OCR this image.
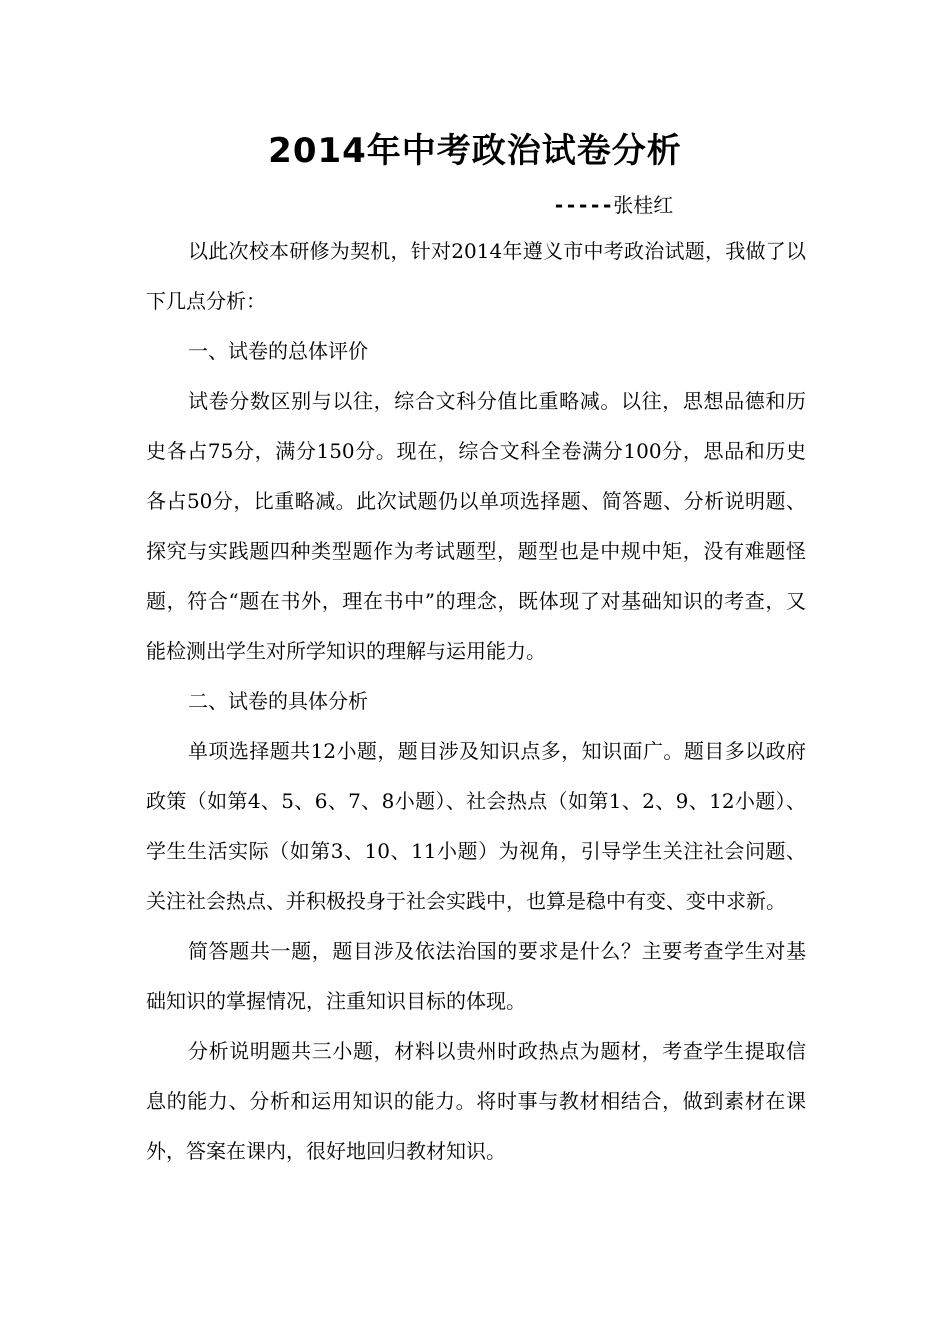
2014年中考政治试卷分析
-----张桂红

以此次校本研修为契机，针对2014年遵义市中考政治试题，我做了以下几点分析：

一、试卷的总体评价

试卷分数区别与以往，综合文科分值比重略减。以往，思想品德和历史各占75分，满分150分。现在，综合文科全卷满分100分，思品和历史各占50分，比重略减。此次试题仍以单项选择题、简答题、分析说明题、探究与实践题四种类型题作为考试题型，题型也是中规中矩，没有难题怪题，符合“题在书外，理在书中”的理念，既体现了对基础知识的考查，又能检测出学生对所学知识的理解与运用能力。

二、试卷的具体分析

单项选择题共12小题，题目涉及知识点多，知识面广。题目多以政府政策（如第4、5、6、7、8小题）、社会热点（如第1、2、9、12小题）、学生生活实际（如第3、10、11小题）为视角，引导学生关注社会问题、关注社会热点、并积极投身于社会实践中，也算是稳中有变、变中求新。

简答题共一题，题目涉及依法治国的要求是什么？主要考查学生对基础知识的掌握情况，注重知识目标的体现。

分析说明题共三小题，材料以贵州时政热点为题材，考查学生提取信息的能力、分析和运用知识的能力。将时事与教材相结合，做到素材在课外，答案在课内，很好地回归教材知识。
